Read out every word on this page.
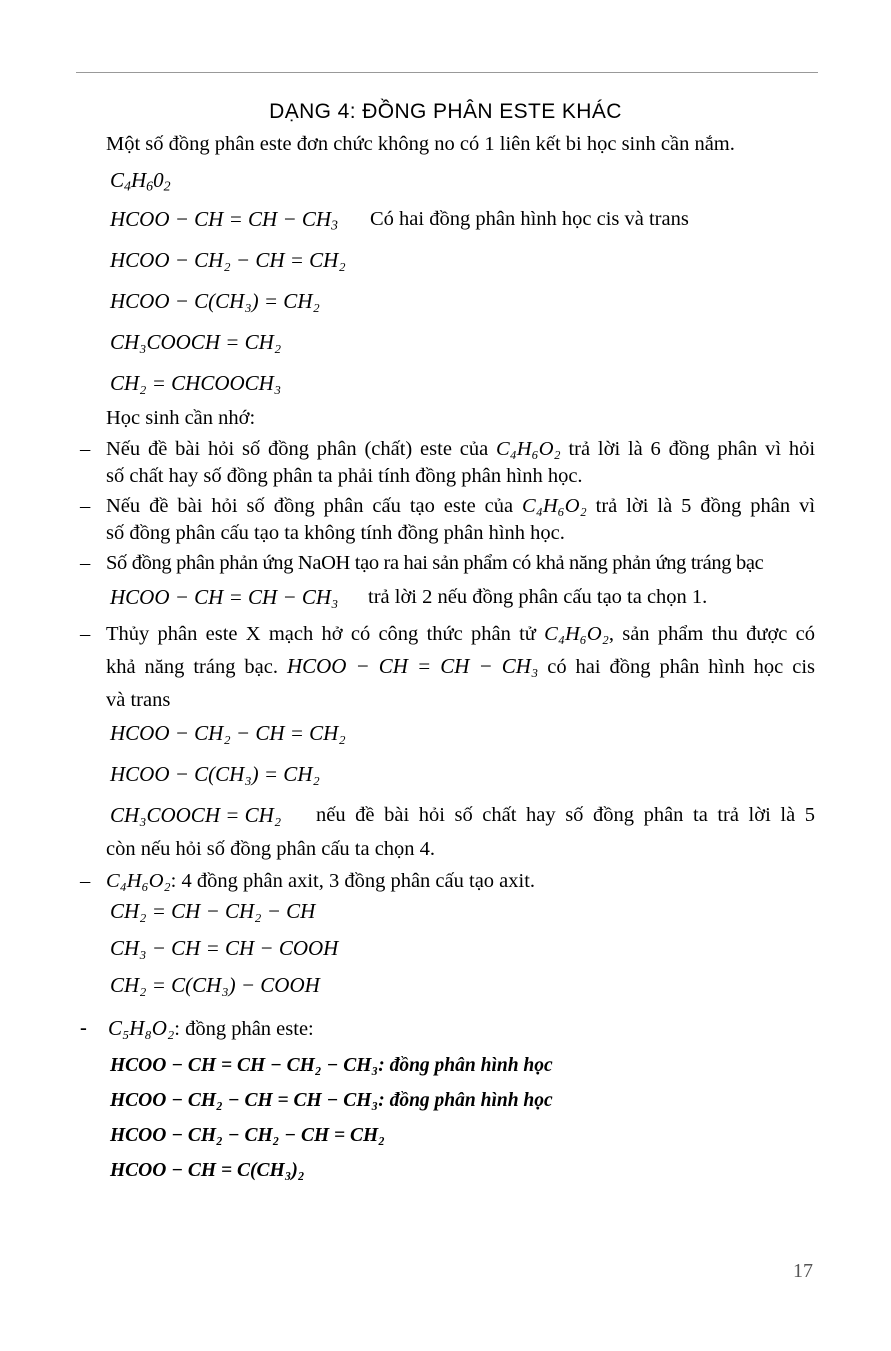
DẠNG 4: ĐỒNG PHÂN ESTE KHÁC
Một số đồng phân este đơn chức không no có 1 liên kết bi học sinh cần nắm.
$C_4H_60_2$
HCOO − CH = CH − $CH_3$ Có hai đồng phân hình học cis và trans
HCOO − CH₂ − CH = CH₂
HCOO − C(CH₃) = CH₂
CH₃COOCH = CH₂
CH₂ = CHCOOCH₃
Học sinh cần nhớ:
– Nếu đề bài hỏi số đồng phân (chất) este của C₄H₆O₂ trả lời là 6 đồng phân vì hỏi
số chất hay số đồng phân ta phải tính đồng phân hình học.
– Nếu đề bài hỏi số đồng phân cấu tạo este của C₄H₆O₂ trả lời là 5 đồng phân vì
số đồng phân cấu tạo ta không tính đồng phân hình học.
– Số đồng phân phản ứng NaOH tạo ra hai sản phẩm có khả năng phản ứng tráng bạc
HCOO − CH = CH − CH₃ trả lời 2 nếu đồng phân cấu tạo ta chọn 1.
– Thủy phân este X mạch hở có công thức phân tử C₄H₆O₂, sản phẩm thu được có
khả năng tráng bạc. HCOO − CH = CH − CH₃ có hai đồng phân hình học cis
và trans
HCOO − CH₂ − CH = CH₂
HCOO − C(CH₃) = CH₂
CH₃COOCH = CH₂ nếu đề bài hỏi số chất hay số đồng phân ta trả lời là 5
còn nếu hỏi số đồng phân cấu ta chọn 4.
– C₄H₆O₂: 4 đồng phân axit, 3 đồng phân cấu tạo axit.
CH₂ = CH − CH₂ − CH
CH₃ − CH = CH − COOH
CH₂ = C(CH₃) − COOH
- C₅H₈O₂: đồng phân este:
HCOO − CH = CH − CH₂ − CH₃: đồng phân hình học
HCOO − CH₂ − CH = CH − CH₃: đồng phân hình học
HCOO − CH₂ − CH₂ − CH = CH₂
HCOO − CH = C(CH₃)₂
17
